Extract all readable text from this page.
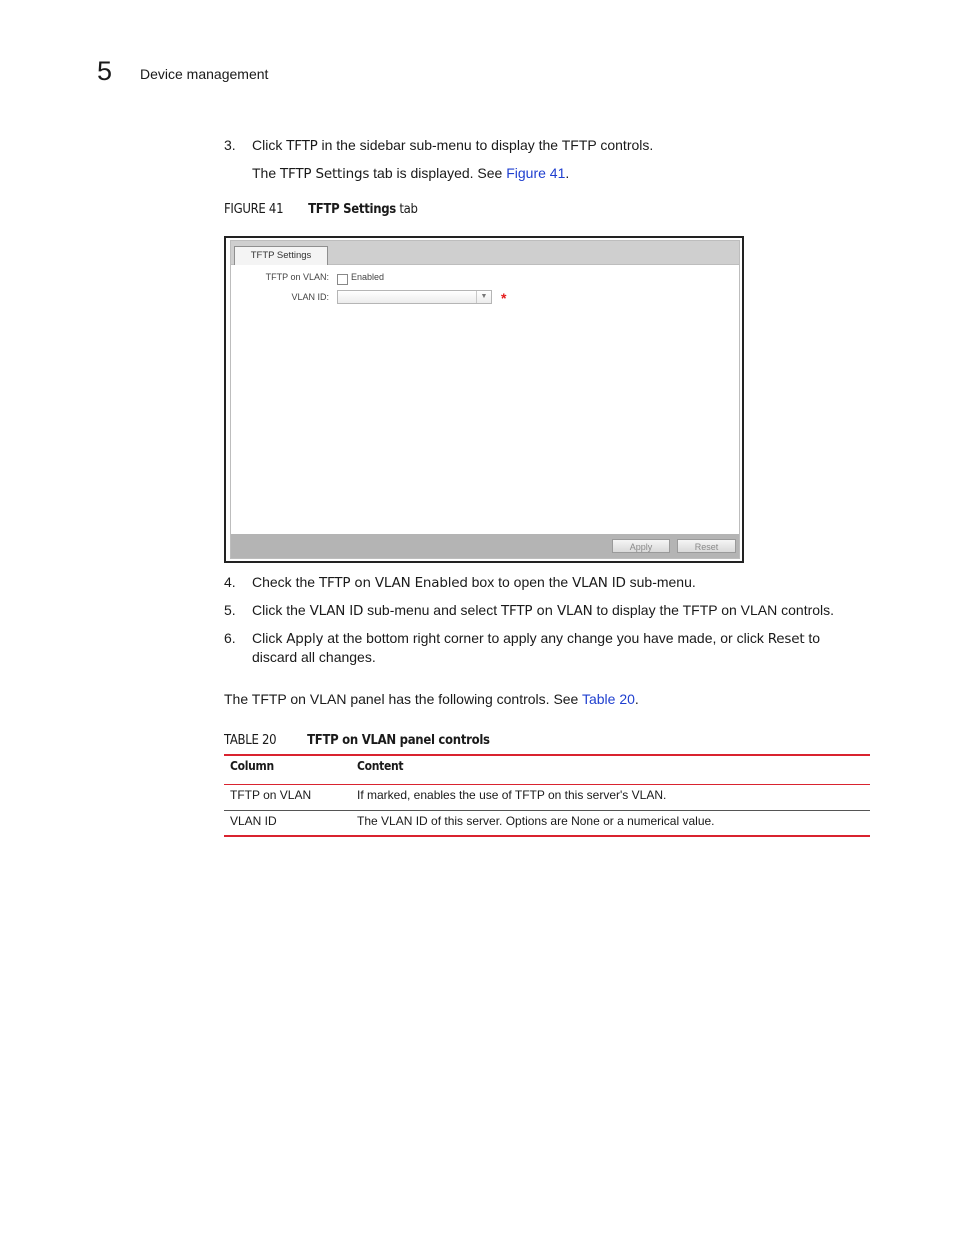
5 Device management
3. Click TFTP in the sidebar sub-menu to display the TFTP controls.
The TFTP Settings tab is displayed. See Figure 41.
FIGURE 41 TFTP Settings tab
TFTP Settings
TFTP on VLAN: Enabled
VLAN ID:	▼ *
Apply	Reset
4. Check the TFTP on VLAN Enabled box to open the VLAN ID sub-menu.
5. Click the VLAN ID sub-menu and select TFTP on VLAN to display the TFTP on VLAN controls.
6. Click Apply at the bottom right corner to apply any change you have made, or click Reset to
discard all changes.
The TFTP on VLAN panel has the following controls. See Table 20.
TABLE 20 TFTP on VLAN panel controls
Column	Content
TFTP on VLAN	If marked, enables the use of TFTP on this server's VLAN.
VLAN ID	The VLAN ID of this server. Options are None or a numerical value.
